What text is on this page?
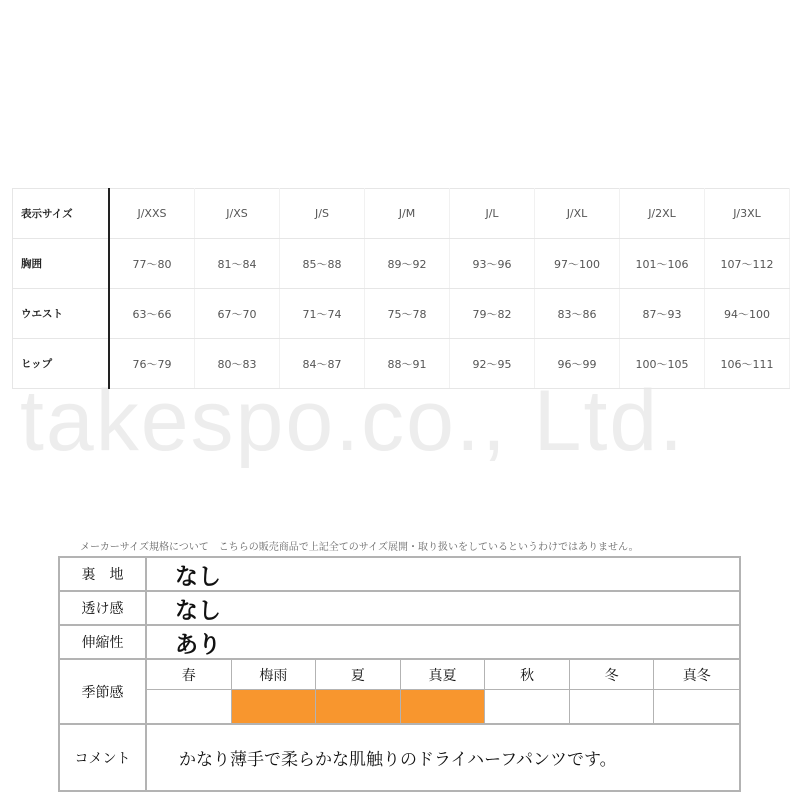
takespo.co., Ltd.
表示サイズ	J/XXS	J/XS	J/S	J/M	J/L	J/XL	J/2XL	J/3XL
胸囲	77〜80	81〜84	85〜88	89〜92	93〜96	97〜100	101〜106	107〜112
ウエスト	63〜66	67〜70	71〜74	75〜78	79〜82	83〜86	87〜93	94〜100
ヒップ	76〜79	80〜83	84〜87	88〜91	92〜95	96〜99	100〜105	106〜111
メーカーサイズ規格について　こちらの販売商品で上記全てのサイズ展開・取り扱いをしているというわけではありません。
裏　地	なし
透け感	なし
伸縮性	あり
季節感
春	梅雨	夏	真夏	秋	冬	真冬
コメント	かなり薄手で柔らかな肌触りのドライハーフパンツです。
